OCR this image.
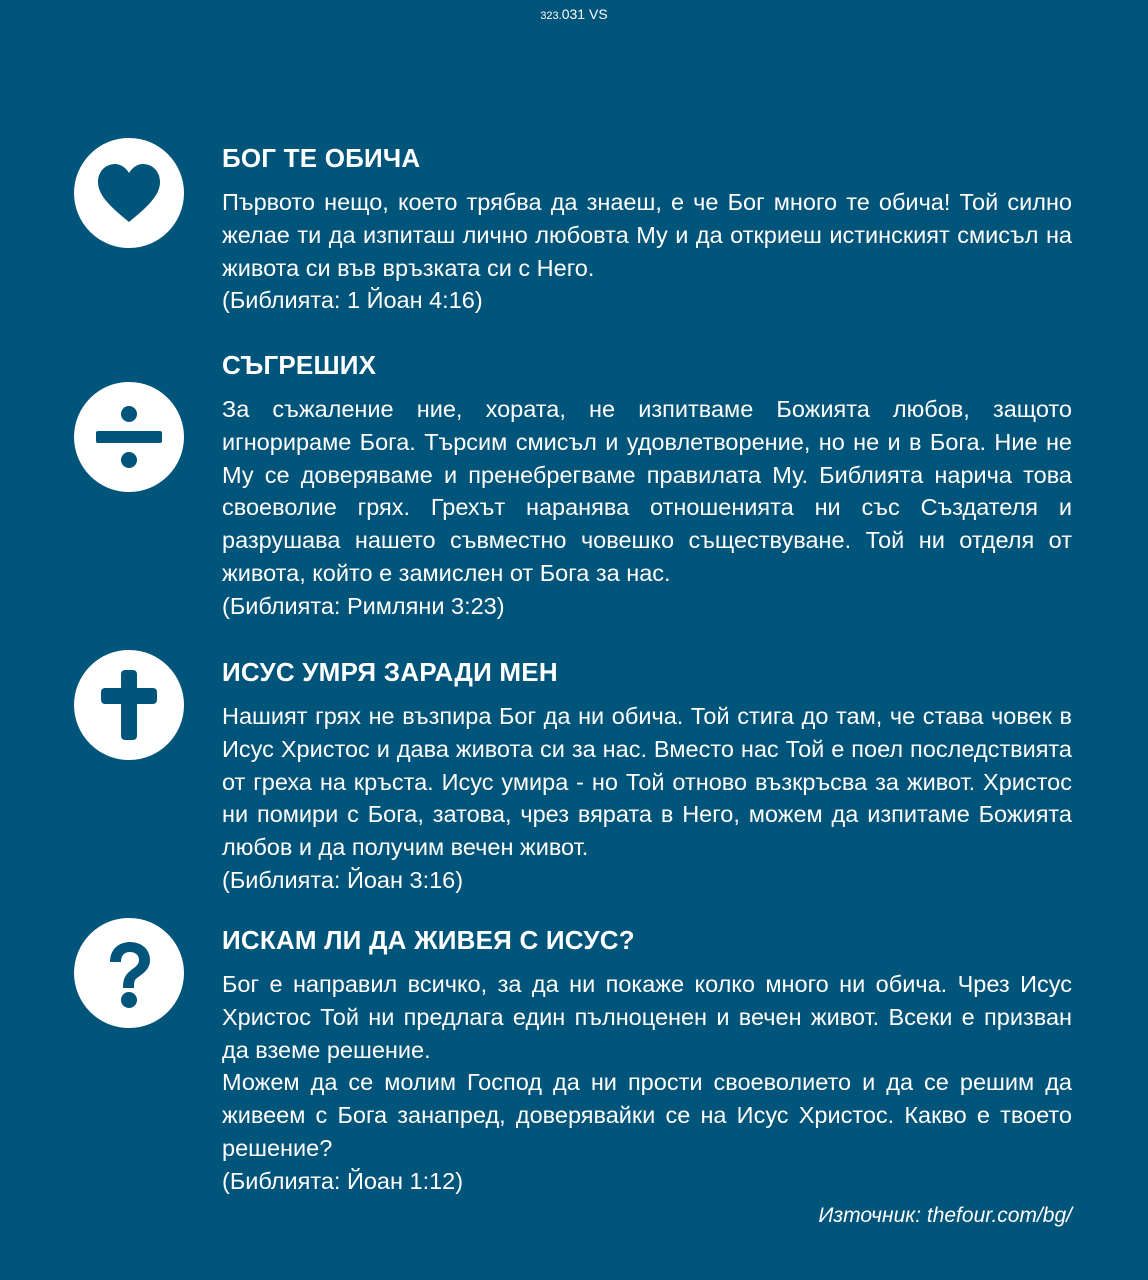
323.031 VS
БОГ ТЕ ОБИЧА

Първото нещо, което трябва да знаеш, е че Бог много те обича! Той силно желае ти да изпиташ лично любовта Му и да откриеш истинският смисъл на живота си във връзката си с Него.

(Библията: 1 Йоан 4:16)
СЪГРЕШИХ

За съжаление ние, хората, не изпитваме Божията любов, защото игнорираме Бога. Търсим смисъл и удовлетворение, но не и в Бога. Ние не Му се доверяваме и пренебрегваме правилата Му. Библията нарича това своеволие грях. Грехът наранява отношенията ни със Създателя и разрушава нашето съвместно човешко съществуване. Той ни отделя от живота, който е замислен от Бога за нас.

(Библията: Римляни 3:23)
ИСУС УМРЯ ЗАРАДИ МЕН

Нашият грях не възпира Бог да ни обича. Той стига до там, че става човек в Исус Христос и дава живота си за нас. Вместо нас Той е поел последствията от греха на кръста. Исус умира - но Той отново възкръсва за живот. Христос ни помири с Бога, затова, чрез вярата в Него, можем да изпитаме Божията любов и да получим вечен живот.

(Библията: Йоан 3:16)
ИСКАМ ЛИ ДА ЖИВЕЯ С ИСУС?

Бог е направил всичко, за да ни покаже колко много ни обича. Чрез Исус Христос Той ни предлага един пълноценен и вечен живот. Всеки е призван да вземе решение.

Можем да се молим Господ да ни прости своеволието и да се решим да живеем с Бога занапред, доверявайки се на Исус Христос. Какво е твоето решение?

(Библията: Йоан 1:12)
Източник: thefour.com/bg/
